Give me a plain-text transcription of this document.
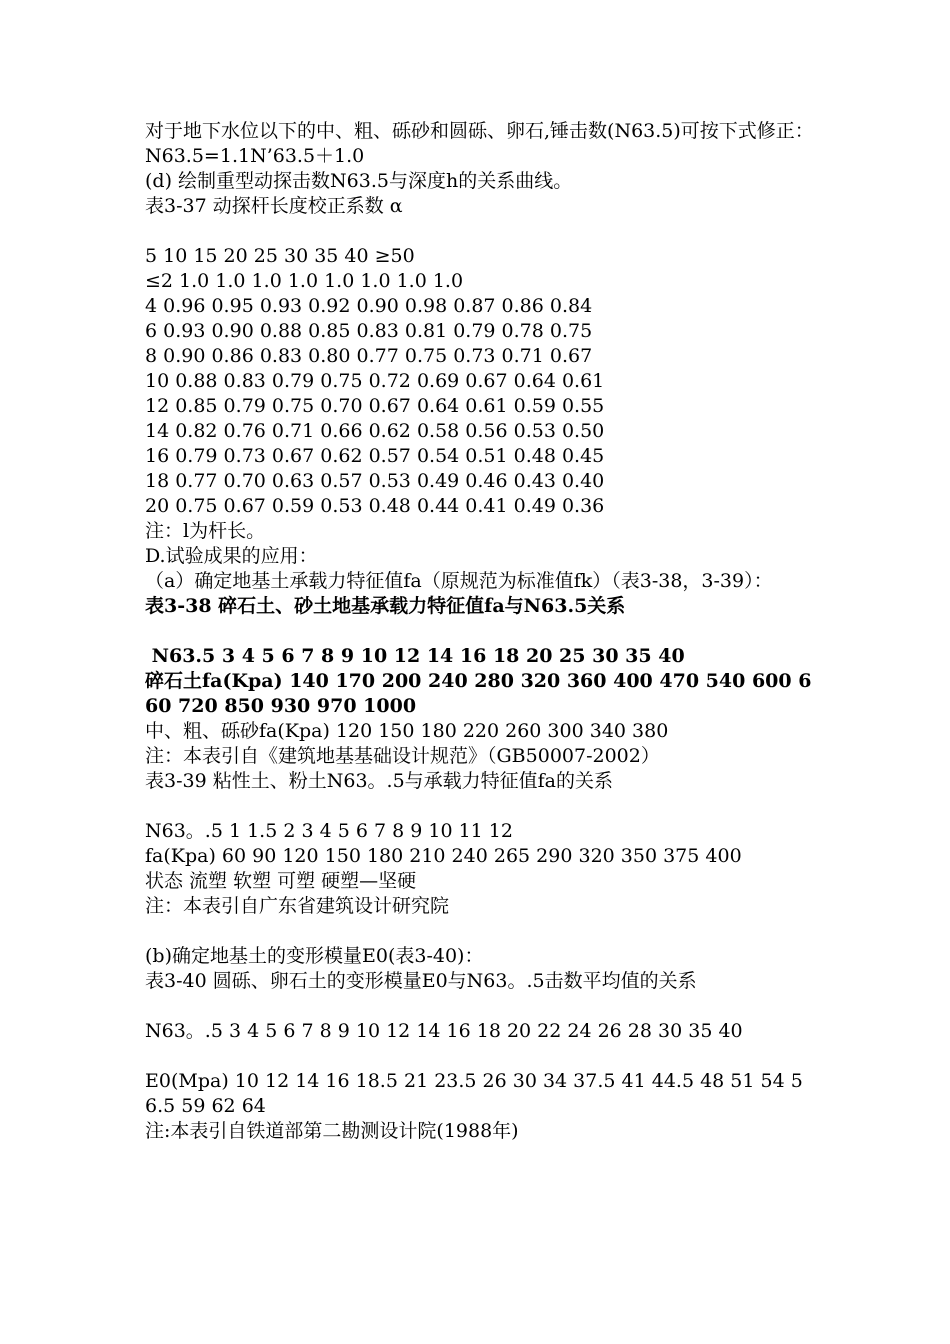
对于地下水位以下的中、粗、砾砂和圆砾、卵石,锤击数(N63.5)可按下式修正：
N63.5=1.1N’63.5＋1.0
(d) 绘制重型动探击数N63.5与深度h的关系曲线。
表3-37 动探杆长度校正系数 α
5 10 15 20 25 30 35 40 ≥50
≤2 1.0 1.0 1.0 1.0 1.0 1.0 1.0 1.0
4 0.96 0.95 0.93 0.92 0.90 0.98 0.87 0.86 0.84
6 0.93 0.90 0.88 0.85 0.83 0.81 0.79 0.78 0.75
8 0.90 0.86 0.83 0.80 0.77 0.75 0.73 0.71 0.67
10 0.88 0.83 0.79 0.75 0.72 0.69 0.67 0.64 0.61
12 0.85 0.79 0.75 0.70 0.67 0.64 0.61 0.59 0.55
14 0.82 0.76 0.71 0.66 0.62 0.58 0.56 0.53 0.50
16 0.79 0.73 0.67 0.62 0.57 0.54 0.51 0.48 0.45
18 0.77 0.70 0.63 0.57 0.53 0.49 0.46 0.43 0.40
20 0.75 0.67 0.59 0.53 0.48 0.44 0.41 0.49 0.36
注：l为杆长。
D.试验成果的应用：
（a）确定地基土承载力特征值fa（原规范为标准值fk）（表3-38，3-39）：
表3-38 碎石土、砂土地基承载力特征值fa与N63.5关系
N63.5 3 4 5 6 7 8 9 10 12 14 16 18 20 25 30 35 40
碎石土fa(Kpa) 140 170 200 240 280 320 360 400 470 540 600 660 720 850 930 970 1000
中、粗、砾砂fa(Kpa) 120 150 180 220 260 300 340 380
注：本表引自《建筑地基基础设计规范》（GB50007-2002）
表3-39 粘性土、粉土N63。.5与承载力特征值fa的关系
N63。.5 1 1.5 2 3 4 5 6 7 8 9 10 11 12
fa(Kpa) 60 90 120 150 180 210 240 265 290 320 350 375 400
状态 流塑 软塑 可塑 硬塑—坚硬
注：本表引自广东省建筑设计研究院
(b)确定地基土的变形模量E0(表3-40)：
表3-40 圆砾、卵石土的变形模量E0与N63。.5击数平均值的关系
N63。.5 3 4 5 6 7 8 9 10 12 14 16 18 20 22 24 26 28 30 35 40
E0(Mpa) 10 12 14 16 18.5 21 23.5 26 30 34 37.5 41 44.5 48 51 54 56.5 59 62 64
注:本表引自铁道部第二勘测设计院(1988年)
